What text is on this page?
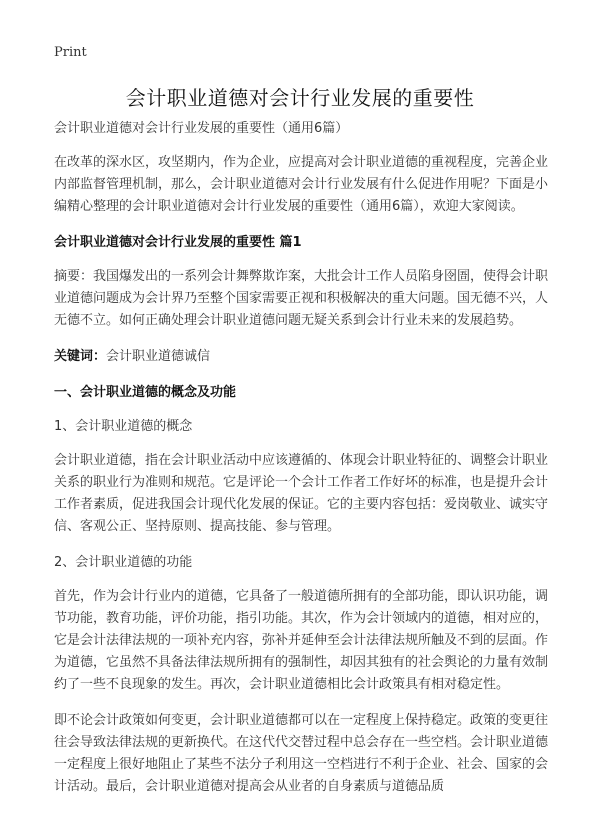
Print
会计职业道德对会计行业发展的重要性

会计职业道德对会计行业发展的重要性（通用6篇）

在改革的深水区，攻坚期内，作为企业，应提高对会计职业道德的重视程度，完善企业内部监督管理机制，那么，会计职业道德对会计行业发展有什么促进作用呢？下面是小编精心整理的会计职业道德对会计行业发展的重要性（通用6篇），欢迎大家阅读。

会计职业道德对会计行业发展的重要性 篇1

摘要：我国爆发出的一系列会计舞弊欺诈案，大批会计工作人员陷身囹圄，使得会计职业道德问题成为会计界乃至整个国家需要正视和积极解决的重大问题。国无德不兴，人无德不立。如何正确处理会计职业道德问题无疑关系到会计行业未来的发展趋势。

关键词：会计职业道德诚信

一、会计职业道德的概念及功能

1、会计职业道德的概念

会计职业道德，指在会计职业活动中应该遵循的、体现会计职业特征的、调整会计职业关系的职业行为准则和规范。它是评论一个会计工作者工作好坏的标准，也是提升会计工作者素质，促进我国会计现代化发展的保证。它的主要内容包括：爱岗敬业、诚实守信、客观公正、坚持原则、提高技能、参与管理。

2、会计职业道德的功能

首先，作为会计行业内的道德，它具备了一般道德所拥有的全部功能，即认识功能，调节功能，教育功能，评价功能，指引功能。其次，作为会计领域内的道德，相对应的，它是会计法律法规的一项补充内容，弥补并延伸至会计法律法规所触及不到的层面。作为道德，它虽然不具备法律法规所拥有的强制性，却因其独有的社会舆论的力量有效制约了一些不良现象的发生。再次，会计职业道德相比会计政策具有相对稳定性。

即不论会计政策如何变更，会计职业道德都可以在一定程度上保持稳定。政策的变更往往会导致法律法规的更新换代。在这代代交替过程中总会存在一些空档。会计职业道德一定程度上很好地阻止了某些不法分子利用这一空档进行不利于企业、社会、国家的会计活动。最后，会计职业道德对提高会从业者的自身素质与道德品质
